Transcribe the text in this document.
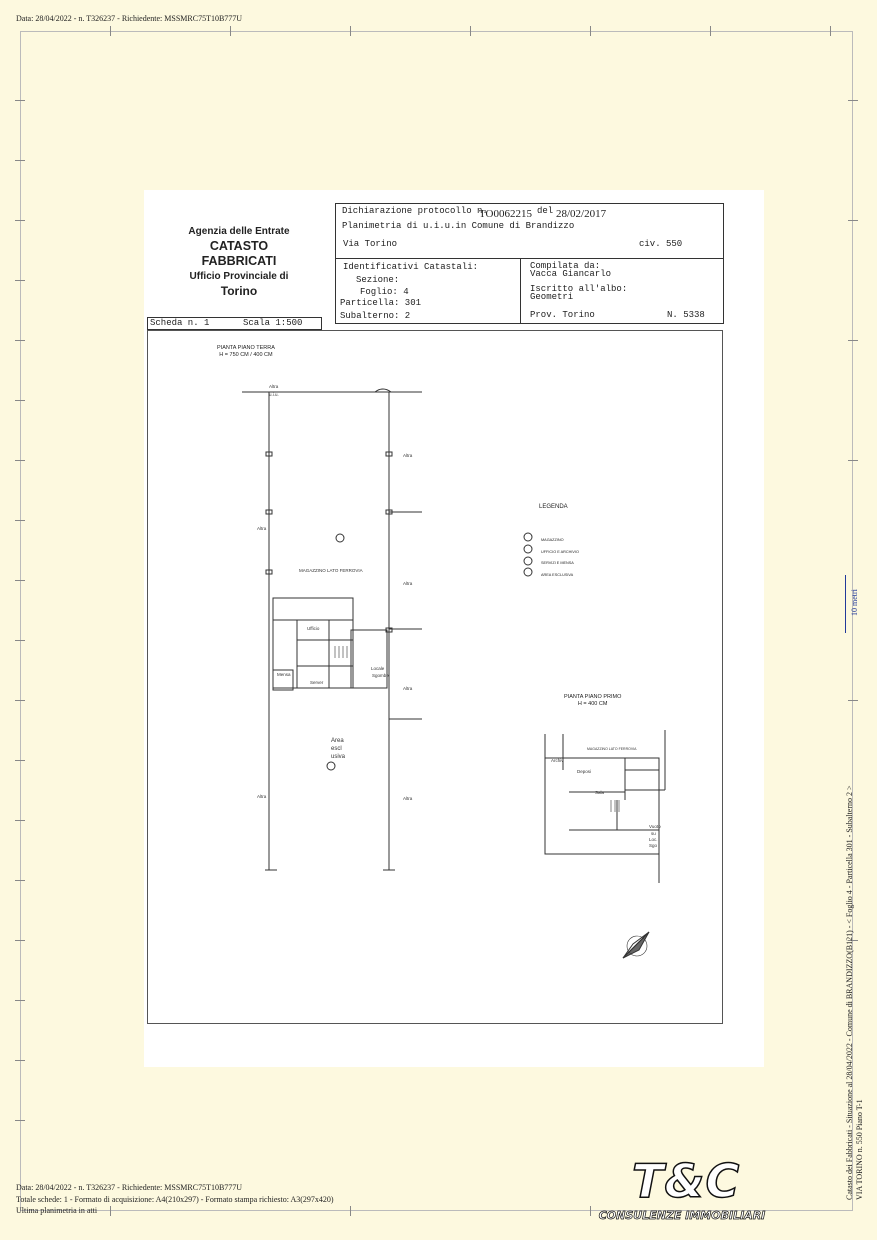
Data: 28/04/2022 - n. T326237 - Richiedente: MSSMRC75T10B777U
Agenzia delle Entrate
CATASTO FABBRICATI
Ufficio Provinciale di
Torino
Dichiarazione protocollo n.
TO0062215 del 28/02/2017
Planimetria di u.i.u.in Comune di Brandizzo
Via Torino	civ. 550
Identificativi Catastali:
Sezione:
Foglio: 4
Particella: 301
Subalterno: 2
Compilata da:
Vacca Giancarlo
Iscritto all'albo:
Geometri
Prov. Torino	N. 5338
Scheda n. 1	Scala 1:500
Altra
u.i.u.
Altra
Altra
Altra
Altra
Altra
Altra
MAGAZZINO LATO FERROVIA
Area
escl
usiva
Locale
Sgombe
Ufficio
Mensa
Server
Deposi
Sala
Vuoto
su
Loc.
Sgo
Archiv
MAGAZZINO LATO FERROVIA
PIANTA PIANO TERRA
H = 750 CM / 400 CM
PIANTA PIANO PRIMO
H = 400 CM
LEGENDA
MAGAZZINO
UFFICIO E ARCHIVIO
SERVIZI E MENSA
AREA ESCLUSIVA
10 metri
Data: 28/04/2022 - n. T326237 - Richiedente: MSSMRC75T10B777U
Totale schede: 1 - Formato di acquisizione: A4(210x297) - Formato stampa richiesto: A3(297x420)
Ultima planimetria in atti
Catasto dei Fabbricati - Situazione al 28/04/2022 - Comune di BRANDIZZO(B121) - < Foglio 4 - Particella 301 - Subalterno 2 > VIA TORINO n. 550 Piano T-1
T&C
CONSULENZE IMMOBILIARI
